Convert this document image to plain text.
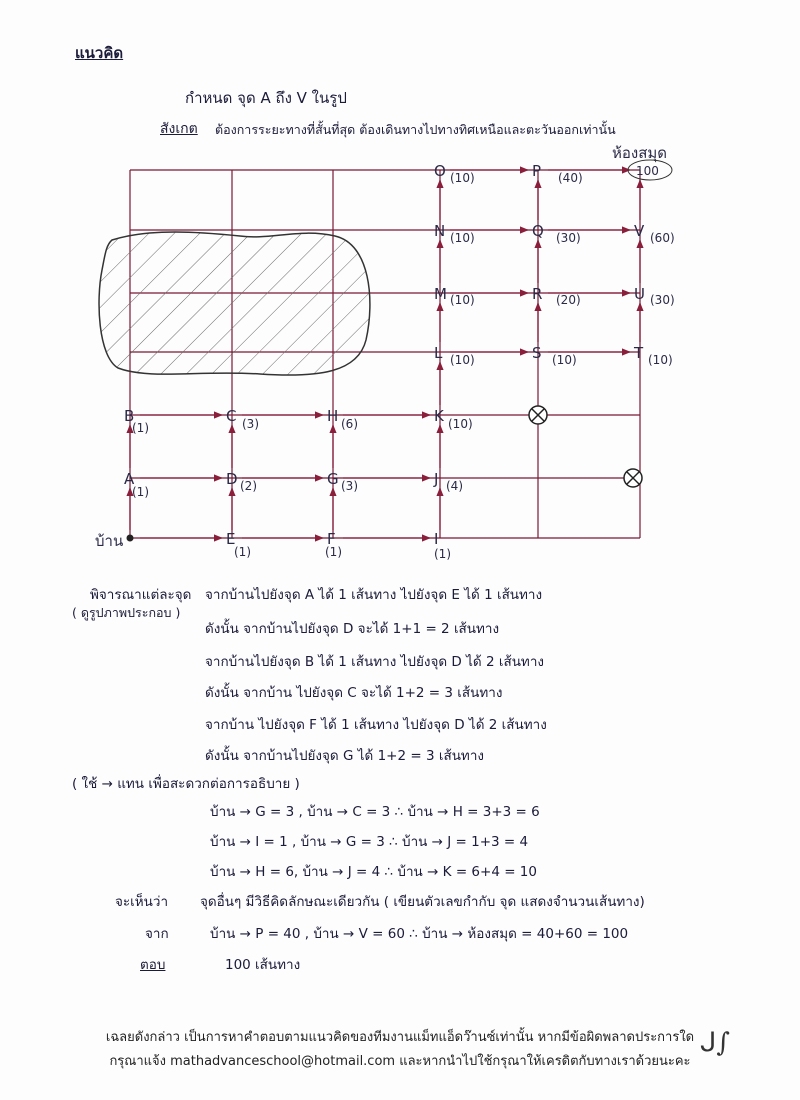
แนวคิด
กำหนด จุด A ถึง V ในรูป
สังเกต ต้องการระยะทางที่สั้นที่สุด ต้องเดินทางไปทางทิศเหนือและตะวันออกเท่านั้น
บ้าน
ห้องสมุด
100
A
(1)
B
(1)
C (3)
D (2)
E
(1)
F
(1)
G (3)
H (6)
I
(1)
J (4)
K (10)
L (10)
M (10)
N (10)
O (10)	P (40)
Q (30)
R (20)
S (10)	T (10)
U (30)
V (60)
พิจารณาแต่ละจุด
( ดูรูปภาพประกอบ )
จากบ้านไปยังจุด A ได้ 1 เส้นทาง ไปยังจุด E ได้ 1 เส้นทาง
ดังนั้น จากบ้านไปยังจุด D จะได้ 1+1 = 2 เส้นทาง
จากบ้านไปยังจุด B ได้ 1 เส้นทาง ไปยังจุด D ได้ 2 เส้นทาง
ดังนั้น จากบ้าน ไปยังจุด C จะได้ 1+2 = 3 เส้นทาง
จากบ้าน ไปยังจุด F ได้ 1 เส้นทาง ไปยังจุด D ได้ 2 เส้นทาง
ดังนั้น จากบ้านไปยังจุด G ได้ 1+2 = 3 เส้นทาง
( ใช้ → แทน เพื่อสะดวกต่อการอธิบาย )
บ้าน → G = 3 , บ้าน → C = 3 ∴ บ้าน → H = 3+3 = 6
บ้าน → I = 1 , บ้าน → G = 3 ∴ บ้าน → J = 1+3 = 4
บ้าน → H = 6, บ้าน → J = 4 ∴ บ้าน → K = 6+4 = 10
จะเห็นว่า จุดอื่นๆ มีวิธีคิดลักษณะเดียวกัน ( เขียนตัวเลขกำกับ จุด แสดงจำนวนเส้นทาง)
จาก	บ้าน → P = 40 , บ้าน → V = 60 ∴ บ้าน → ห้องสมุด = 40+60 = 100
ตอบ	100 เส้นทาง
เฉลยดังกล่าว เป็นการหาคำตอบตามแนวคิดของทีมงานแม็ทแอ็ดว๊านซ์เท่านั้น หากมีข้อผิดพลาดประการใด
กรุณาแจ้ง mathadvanceschool@hotmail.com และหากนำไปใช้กรุณาให้เครดิตกับทางเราด้วยนะคะ
ᒍ∫
